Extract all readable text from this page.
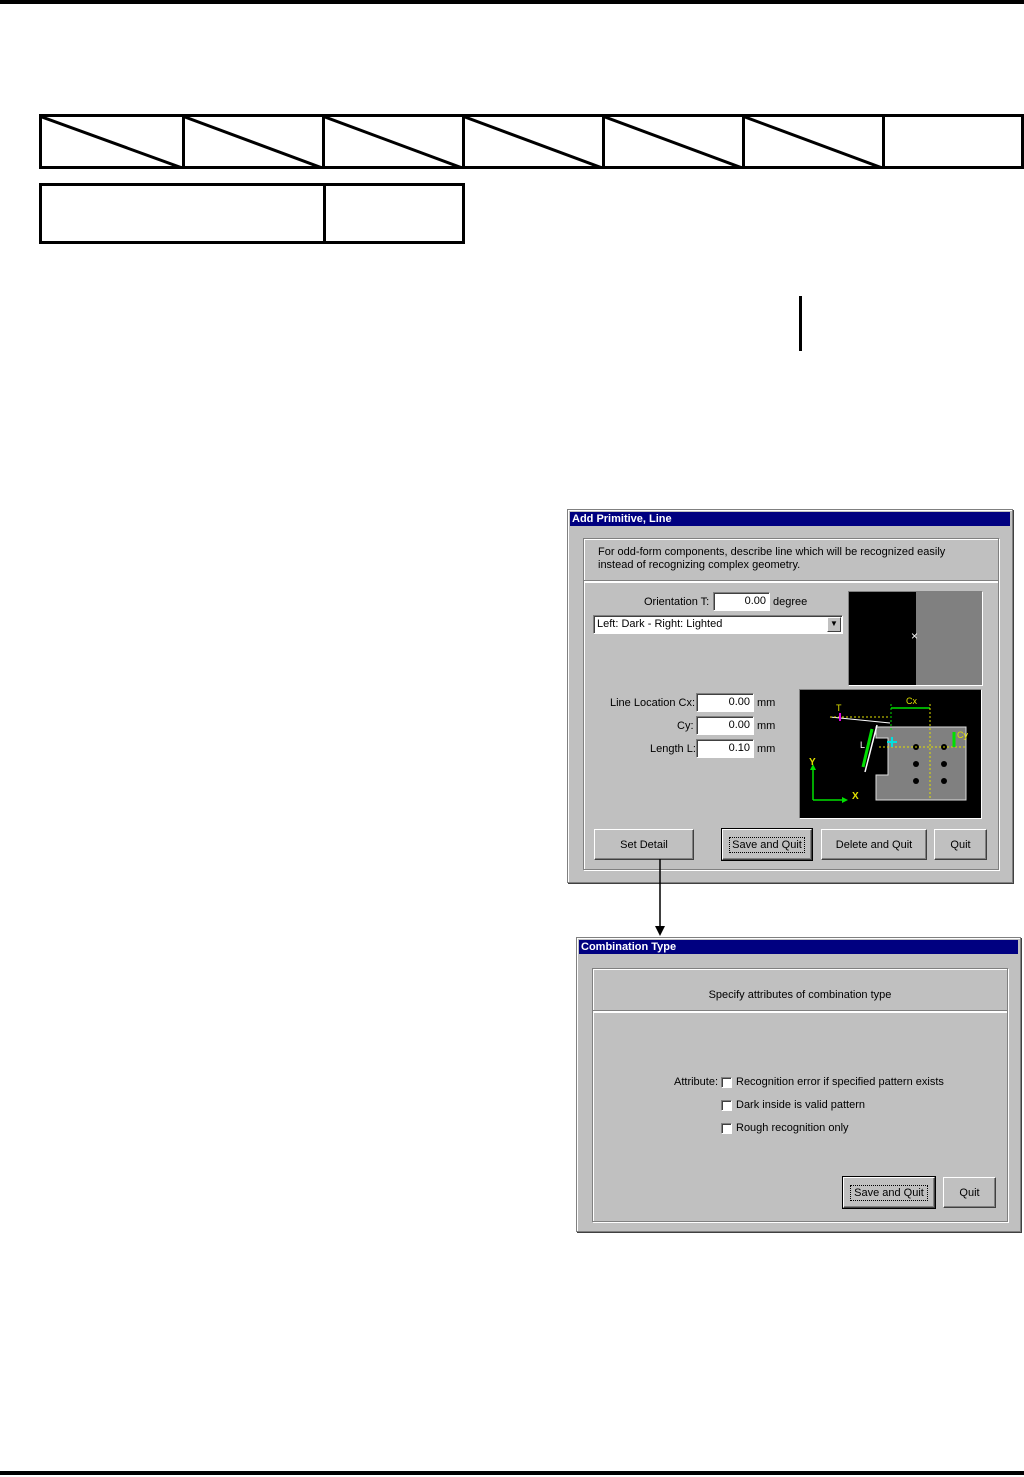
Add Primitive, Line
For odd-form components, describe line which will be recognized easily
instead of recognizing complex geometry.
Orientation T:	0.00 degree
Left: Dark - Right: Lighted	▼
×
Line Location Cx:	0.00 mm
Cy:	0.00 mm
Length L:	0.10 mm
T
L
Cx
Cy
Y
X
Set Detail	Save and Quit	Delete and Quit	Quit
Combination Type
Specify attributes of combination type
Attribute: Recognition error if specified pattern exists
Dark inside is valid pattern
Rough recognition only
Save and Quit	Quit
